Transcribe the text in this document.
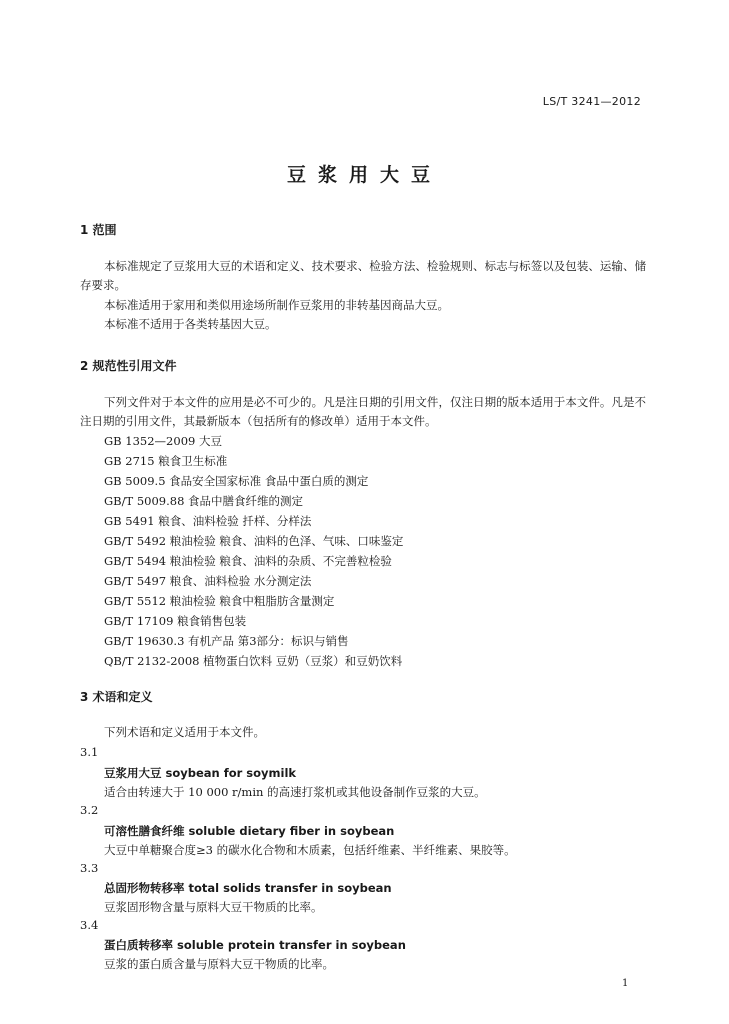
LS/T 3241—2012
豆浆用大豆
1 范围
本标准规定了豆浆用大豆的术语和定义、技术要求、检验方法、检验规则、标志与标签以及包装、运输、储存要求。
本标准适用于家用和类似用途场所制作豆浆用的非转基因商品大豆。
本标准不适用于各类转基因大豆。
2 规范性引用文件
下列文件对于本文件的应用是必不可少的。凡是注日期的引用文件，仅注日期的版本适用于本文件。凡是不注日期的引用文件，其最新版本（包括所有的修改单）适用于本文件。
GB 1352—2009 大豆
GB 2715 粮食卫生标准
GB 5009.5 食品安全国家标准 食品中蛋白质的测定
GB/T 5009.88 食品中膳食纤维的测定
GB 5491 粮食、油料检验 扦样、分样法
GB/T 5492 粮油检验 粮食、油料的色泽、气味、口味鉴定
GB/T 5494 粮油检验 粮食、油料的杂质、不完善粒检验
GB/T 5497 粮食、油料检验 水分测定法
GB/T 5512 粮油检验 粮食中粗脂肪含量测定
GB/T 17109 粮食销售包装
GB/T 19630.3 有机产品 第3部分：标识与销售
QB/T 2132-2008 植物蛋白饮料 豆奶（豆浆）和豆奶饮料
3 术语和定义
下列术语和定义适用于本文件。
3.1
豆浆用大豆 soybean for soymilk
适合由转速大于 10 000 r/min 的高速打浆机或其他设备制作豆浆的大豆。
3.2
可溶性膳食纤维 soluble dietary fiber in soybean
大豆中单糖聚合度≥3 的碳水化合物和木质素，包括纤维素、半纤维素、果胶等。
3.3
总固形物转移率 total solids transfer in soybean
豆浆固形物含量与原料大豆干物质的比率。
3.4
蛋白质转移率 soluble protein transfer in soybean
豆浆的蛋白质含量与原料大豆干物质的比率。
1
